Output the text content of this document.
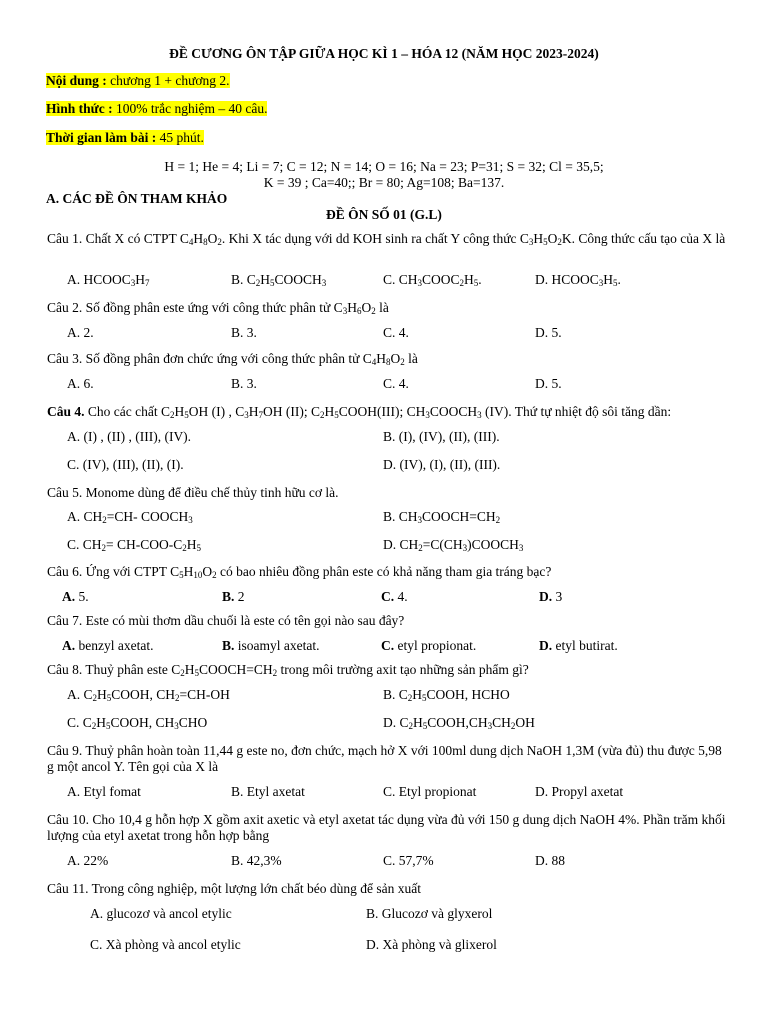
ĐỀ CƯƠNG ÔN TẬP GIỮA HỌC KÌ 1 – HÓA 12 (NĂM HỌC 2023-2024)
Nội dung : chương 1 + chương 2.
Hình thức : 100% trắc nghiệm – 40 câu.
Thời gian làm bài : 45 phút.
H = 1; He = 4; Li = 7; C = 12; N = 14; O = 16; Na = 23; P=31; S = 32; Cl = 35,5;
K = 39 ; Ca=40;; Br = 80; Ag=108; Ba=137.
A. CÁC ĐỀ ÔN THAM KHẢO
ĐỀ ÔN SỐ 01 (G.L)
Câu 1. Chất X có CTPT $C_4H_8O_2$. Khi X tác dụng với dd KOH sinh ra chất Y công thức $C_3H_5O_2K$. Công thức cấu tạo của X là
A. $HCOOC_3H_7$	B. $C_2H_5COOCH_3$	C. $CH_3COOC_2H_5$.	D. $HCOOC_3H_5$.
Câu 2. Số đồng phân este ứng với công thức phân tử $C_3H_6O_2$ là
A. 2.	B. 3.	C. 4.	D. 5.
Câu 3. Số đồng phân đơn chức ứng với công thức phân tử $C_4H_8O_2$ là
A. 6.	B. 3.	C. 4.	D. 5.
Câu 4. Cho các chất $C_2H_5OH$ (I) , $C_3H_7OH$ (II); $C_2H_5COOH(III)$; $CH_3COOCH_3$ (IV). Thứ tự nhiệt độ sôi tăng dần:
A. (I) , (II) , (III), (IV).	B. (I), (IV), (II), (III).
C. (IV), (III), (II), (I).	D. (IV), (I), (II), (III).
Câu 5. Monome dùng để điều chế thủy tinh hữu cơ là.
A. $CH_2=CH-$ $COOCH_3$	B. $CH_3COOCH=CH_2$
C. $CH_2= CH-COO-C_2H_5$	D. $CH_2=C(CH_3)COOCH_3$
Câu 6. Ứng với CTPT $C_5H_{10}O_2$ có bao nhiêu đồng phân este có khả năng tham gia tráng bạc?
A. 5.	B. 2	C. 4.	D. 3
Câu 7. Este có mùi thơm dầu chuối là este có tên gọi nào sau đây?
A. benzyl axetat.	B. isoamyl axetat.	C. etyl propionat.	D. etyl butirat.
Câu 8. Thuỷ phân este $C_2H_5COOCH=CH_2$ trong môi trường axit tạo những sản phẩm gì?
A. $C_2H_5COOH$, $CH_2=CH-OH$	B. $C_2H_5COOH$, HCHO
C. $C_2H_5COOH$, $CH_3CHO$	D. $C_2H_5COOH,CH_3CH_2OH$
Câu 9. Thuỷ phân hoàn toàn 11,44 g este no, đơn chức, mạch hở X với 100ml dung dịch NaOH 1,3M (vừa đủ) thu được 5,98 g một ancol Y. Tên gọi của X là
A. Etyl fomat	B. Etyl axetat	C. Etyl propionat	D. Propyl axetat
Câu 10. Cho 10,4 g hỗn hợp X gồm axit axetic và etyl axetat tác dụng vừa đủ với 150 g dung dịch NaOH 4%. Phần trăm khối lượng của etyl axetat trong hỗn hợp bằng
A. 22%	B. 42,3%	C. 57,7%	D. 88
Câu 11. Trong công nghiệp, một lượng lớn chất béo dùng để sản xuất
A. glucozơ và ancol etylic	B. Glucozơ và glyxerol
C. Xà phòng và ancol etylic	D. Xà phòng và glixerol
